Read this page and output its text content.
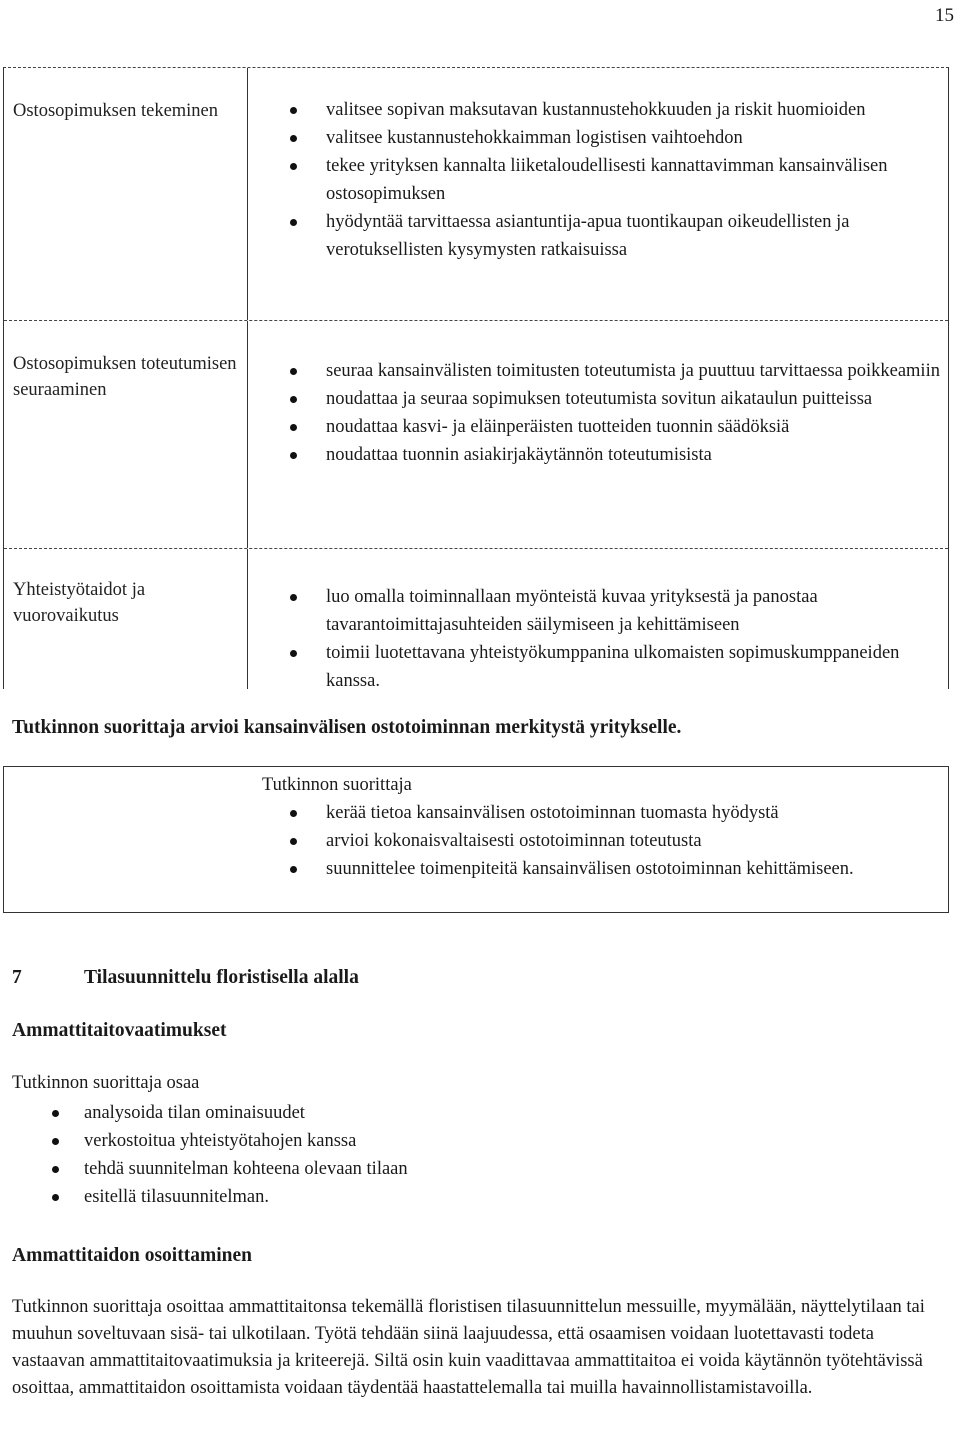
15
Ostosopimuksen tekeminen	valitsee sopivan maksutavan kustannustehokkuuden ja riskit huomioiden
valitsee kustannustehokkaimman logistisen vaihtoehdon
tekee yrityksen kannalta liiketaloudellisesti kannattavimman kansainvälisen ostosopimuksen
hyödyntää tarvittaessa asiantuntija-apua tuontikaupan oikeudellisten ja verotuksellisten kysymysten ratkaisuissa
Ostosopimuksen toteutumisen seuraaminen
seuraa kansainvälisten toimitusten toteutumista ja puuttuu tarvittaessa poikkeamiin
noudattaa ja seuraa sopimuksen toteutumista sovitun aikataulun puitteissa
noudattaa kasvi- ja eläinperäisten tuotteiden tuonnin säädöksiä
noudattaa tuonnin asiakirjakäytännön toteutumisista
Yhteistyötaidot ja vuorovaikutus
luo omalla toiminnallaan myönteistä kuvaa yrityksestä ja panostaa tavarantoimittajasuhteiden säilymiseen ja kehittämiseen
toimii luotettavana yhteistyökumppanina ulkomaisten sopimuskumppaneiden kanssa.
Tutkinnon suorittaja arvioi kansainvälisen ostotoiminnan merkitystä yritykselle.
Tutkinnon suorittaja
kerää tietoa kansainvälisen ostotoiminnan tuomasta hyödystä
arvioi kokonaisvaltaisesti ostotoiminnan toteutusta
suunnittelee toimenpiteitä kansainvälisen ostotoiminnan kehittämiseen.
7	Tilasuunnittelu floristisella alalla
Ammattitaitovaatimukset
Tutkinnon suorittaja osaa
analysoida tilan ominaisuudet
verkostoitua yhteistyötahojen kanssa
tehdä suunnitelman kohteena olevaan tilaan
esitellä tilasuunnitelman.
Ammattitaidon osoittaminen
Tutkinnon suorittaja osoittaa ammattitaitonsa tekemällä floristisen tilasuunnittelun messuille, myymälään, näyttelytilaan tai muuhun soveltuvaan sisä- tai ulkotilaan. Työtä tehdään siinä laajuudessa, että osaamisen voidaan luotettavasti todeta vastaavan ammattitaitovaatimuksia ja kriteerejä. Siltä osin kuin vaadittavaa ammattitaitoa ei voida käytännön työtehtävissä osoittaa, ammattitaidon osoittamista voidaan täydentää haastattelemalla tai muilla havainnollistamistavoilla.
